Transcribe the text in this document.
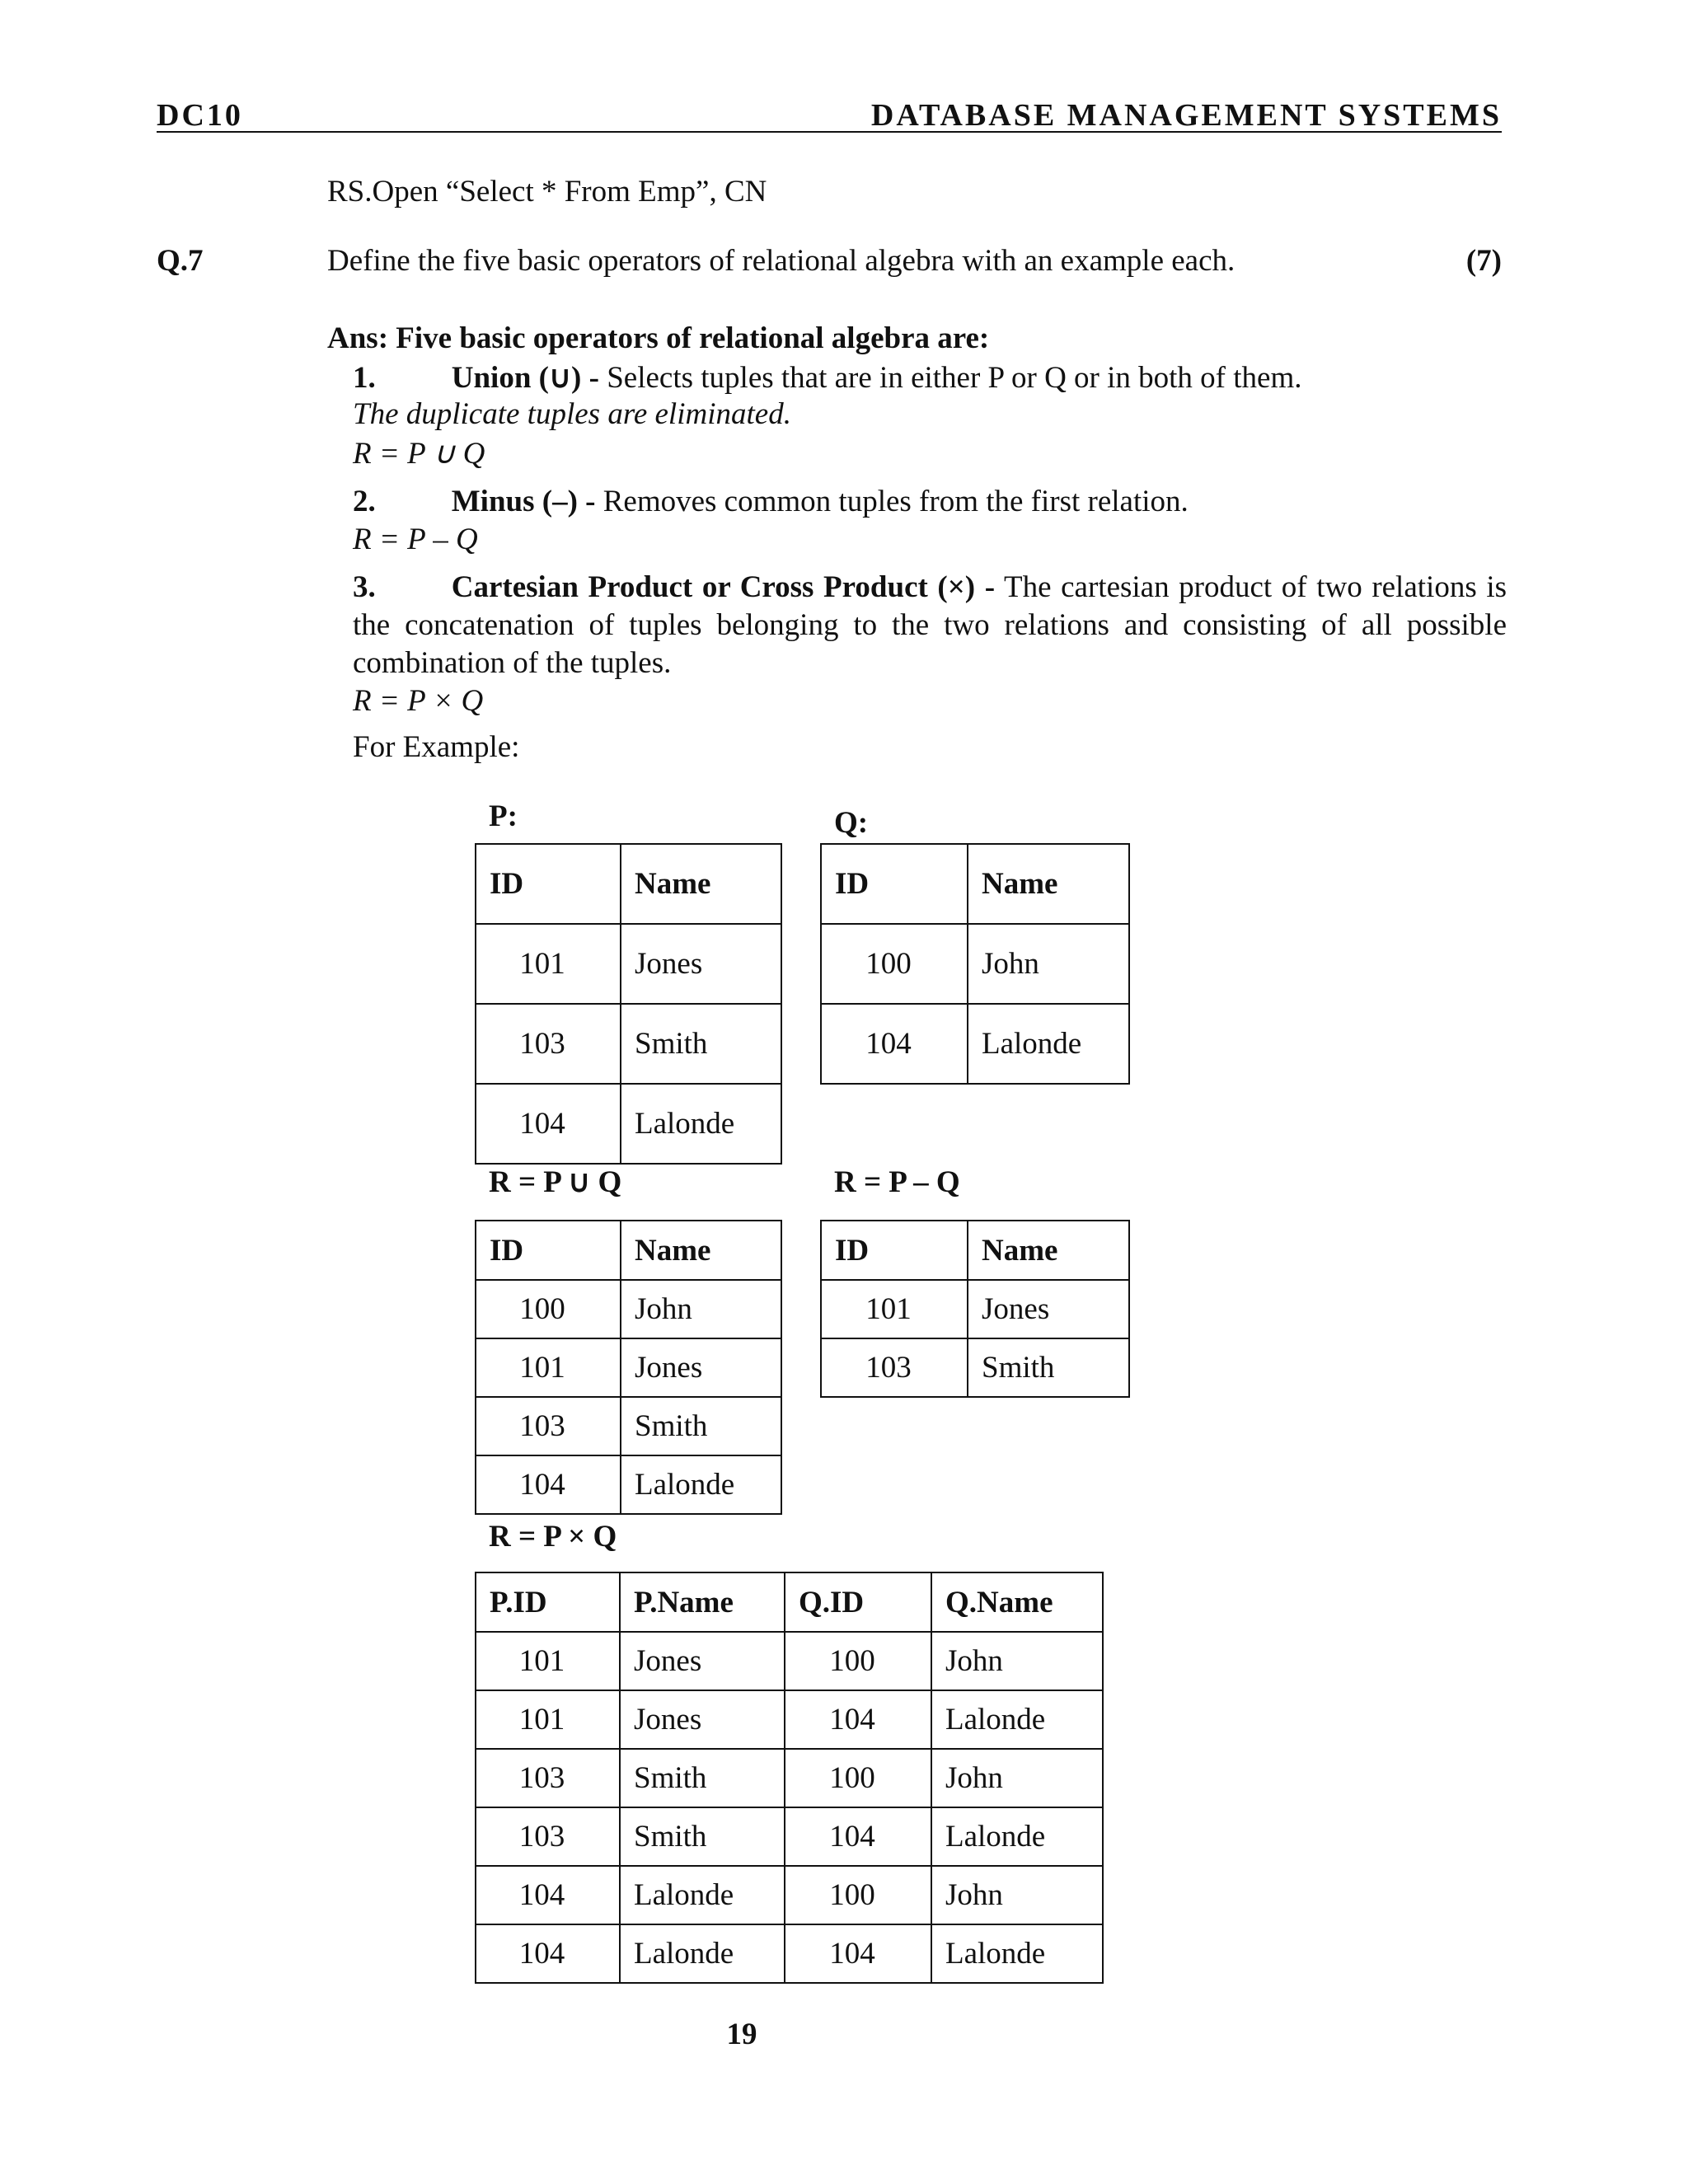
DC10	DATABASE MANAGEMENT SYSTEMS
RS.Open “Select * From Emp”, CN
Q.7	Define the five basic operators of relational algebra with an example each.	(7)
Ans: Five basic operators of relational algebra are:
1. Union (∪) - Selects tuples that are in either P or Q or in both of them.
The duplicate tuples are eliminated.
R = P ∪ Q
2. Minus (–) - Removes common tuples from the first relation.
R = P – Q
3. Cartesian Product or Cross Product (×) - The cartesian product of two relations is the concatenation of tuples belonging to the two relations and consisting of all possible combination of the tuples.
R = P × Q
For Example:
P:	Q:
R = P ∪ Q	R = P – Q
R = P × Q
ID	Name
101	Jones
103	Smith
104	Lalonde
ID	Name
100	John
104	Lalonde
ID	Name
100	John
101	Jones
103	Smith
104	Lalonde
ID	Name
101	Jones
103	Smith
P.ID	P.Name	Q.ID	Q.Name
101	Jones	100	John
101	Jones	104	Lalonde
103	Smith	100	John
103	Smith	104	Lalonde
104	Lalonde	100	John
104	Lalonde	104	Lalonde
19
